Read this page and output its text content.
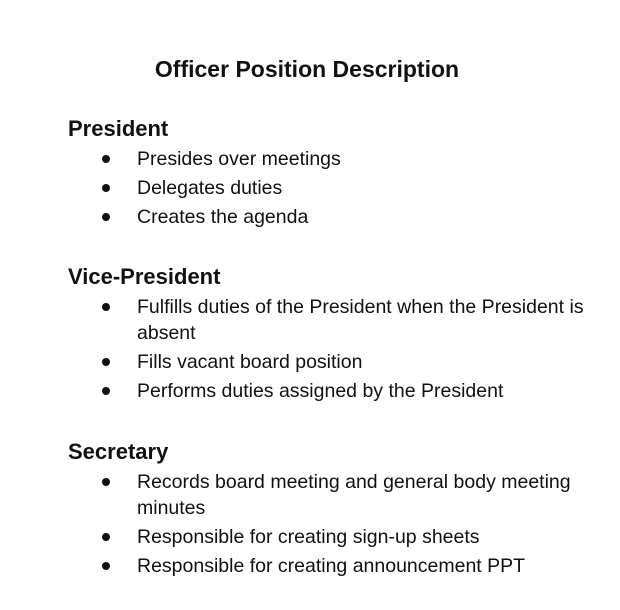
Officer Position Description
President
Presides over meetings
Delegates duties
Creates the agenda
Vice-President
Fulfills duties of the President when the President is absent
Fills vacant board position
Performs duties assigned by the President
Secretary
Records board meeting and general body meeting minutes
Responsible for creating sign-up sheets
Responsible for creating announcement PPT
